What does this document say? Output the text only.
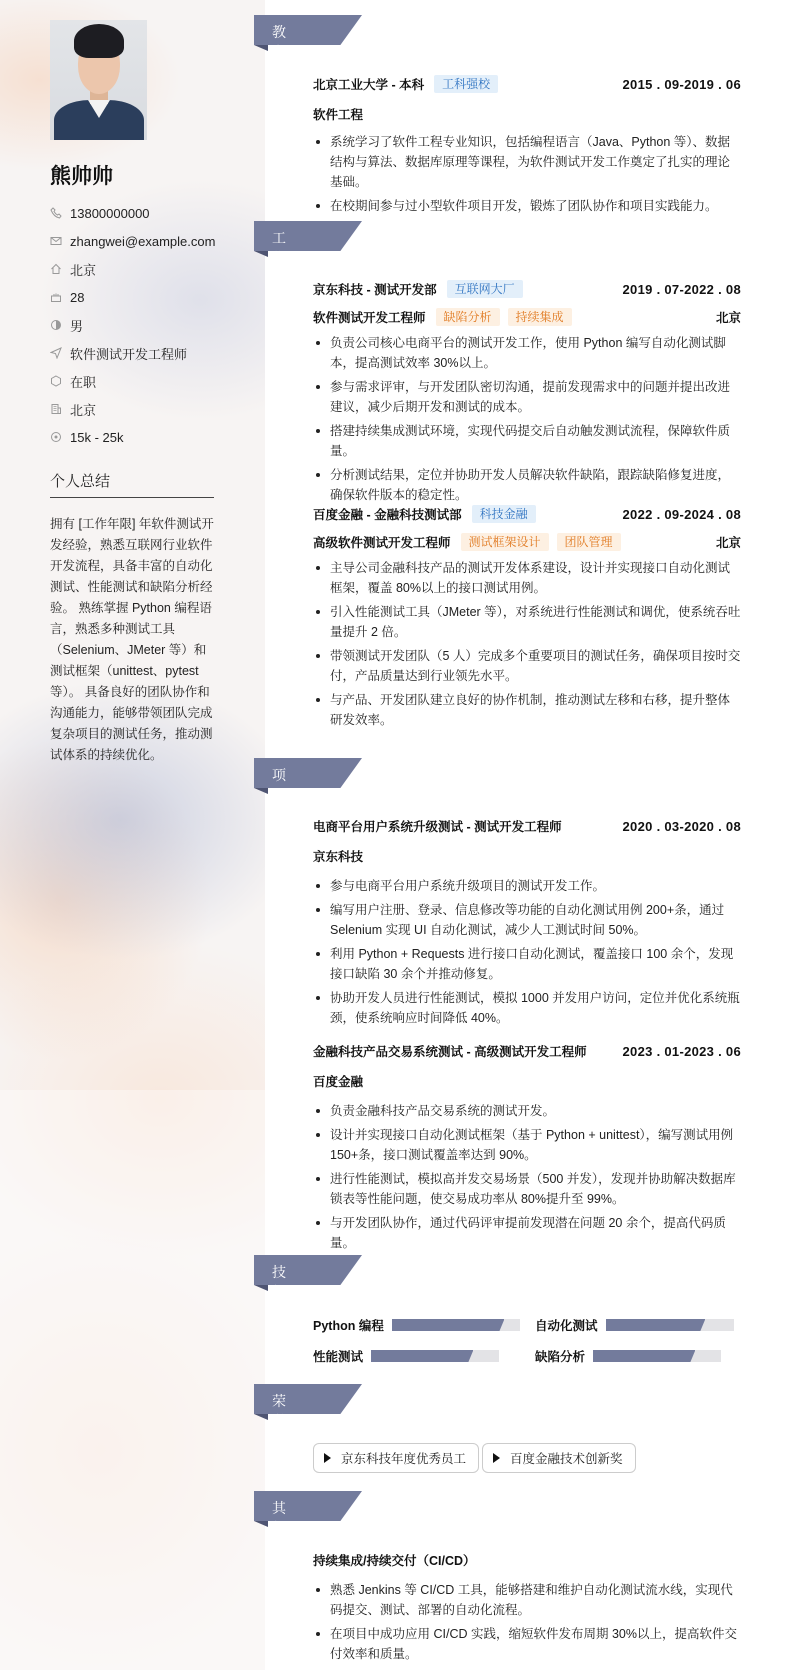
熊帅帅
13800000000
zhangwei@example.com
北京
28
男
软件测试开发工程师
在职
北京
15k - 25k
个人总结
拥有 [工作年限] 年软件测试开发经验，熟悉互联网行业软件开发流程，具备丰富的自动化测试、性能测试和缺陷分析经验。 熟练掌握 Python 编程语言，熟悉多种测试工具（Selenium、JMeter 等）和测试框架（unittest、pytest 等）。 具备良好的团队协作和沟通能力，能够带领团队完成复杂项目的测试任务，推动测试体系的持续优化。
教育经历
工作经历
项目经历
技能专长
荣誉奖项
其他信息
北京工业大学 - 本科	工科强校	2015 . 09-2019 . 06
软件工程
系统学习了软件工程专业知识，包括编程语言（Java、Python 等）、数据结构与算法、数据库原理等课程，为软件测试开发工作奠定了扎实的理论基础。
在校期间参与过小型软件项目开发，锻炼了团队协作和项目实践能力。
京东科技 - 测试开发部	互联网大厂	2019 . 07-2022 . 08
软件测试开发工程师	缺陷分析	持续集成	北京
负责公司核心电商平台的测试开发工作，使用 Python 编写自动化测试脚本，提高测试效率 30%以上。
参与需求评审，与开发团队密切沟通，提前发现需求中的问题并提出改进建议，减少后期开发和测试的成本。
搭建持续集成测试环境，实现代码提交后自动触发测试流程，保障软件质量。
分析测试结果，定位并协助开发人员解决软件缺陷，跟踪缺陷修复进度，确保软件版本的稳定性。
百度金融 - 金融科技测试部	科技金融	2022 . 09-2024 . 08
高级软件测试开发工程师	测试框架设计	团队管理	北京
主导公司金融科技产品的测试开发体系建设，设计并实现接口自动化测试框架，覆盖 80%以上的接口测试用例。
引入性能测试工具（JMeter 等），对系统进行性能测试和调优，使系统吞吐量提升 2 倍。
带领测试开发团队（5 人）完成多个重要项目的测试任务，确保项目按时交付，产品质量达到行业领先水平。
与产品、开发团队建立良好的协作机制，推动测试左移和右移，提升整体研发效率。
电商平台用户系统升级测试 - 测试开发工程师	2020 . 03-2020 . 08
京东科技
参与电商平台用户系统升级项目的测试开发工作。
编写用户注册、登录、信息修改等功能的自动化测试用例 200+条，通过 Selenium 实现 UI 自动化测试，减少人工测试时间 50%。
利用 Python + Requests 进行接口自动化测试，覆盖接口 100 余个，发现接口缺陷 30 余个并推动修复。
协助开发人员进行性能测试，模拟 1000 并发用户访问，定位并优化系统瓶颈，使系统响应时间降低 40%。
金融科技产品交易系统测试 - 高级测试开发工程师	2023 . 01-2023 . 06
百度金融
负责金融科技产品交易系统的测试开发。
设计并实现接口自动化测试框架（基于 Python + unittest），编写测试用例 150+条，接口测试覆盖率达到 90%。
进行性能测试，模拟高并发交易场景（500 并发），发现并协助解决数据库锁表等性能问题，使交易成功率从 80%提升至 99%。
与开发团队协作，通过代码评审提前发现潜在问题 20 余个，提高代码质量。
Python 编程	自动化测试
性能测试	缺陷分析
京东科技年度优秀员工	百度金融技术创新奖
持续集成/持续交付（CI/CD）
熟悉 Jenkins 等 CI/CD 工具，能够搭建和维护自动化测试流水线，实现代码提交、测试、部署的自动化流程。
在项目中成功应用 CI/CD 实践，缩短软件发布周期 30%以上，提高软件交付效率和质量。
